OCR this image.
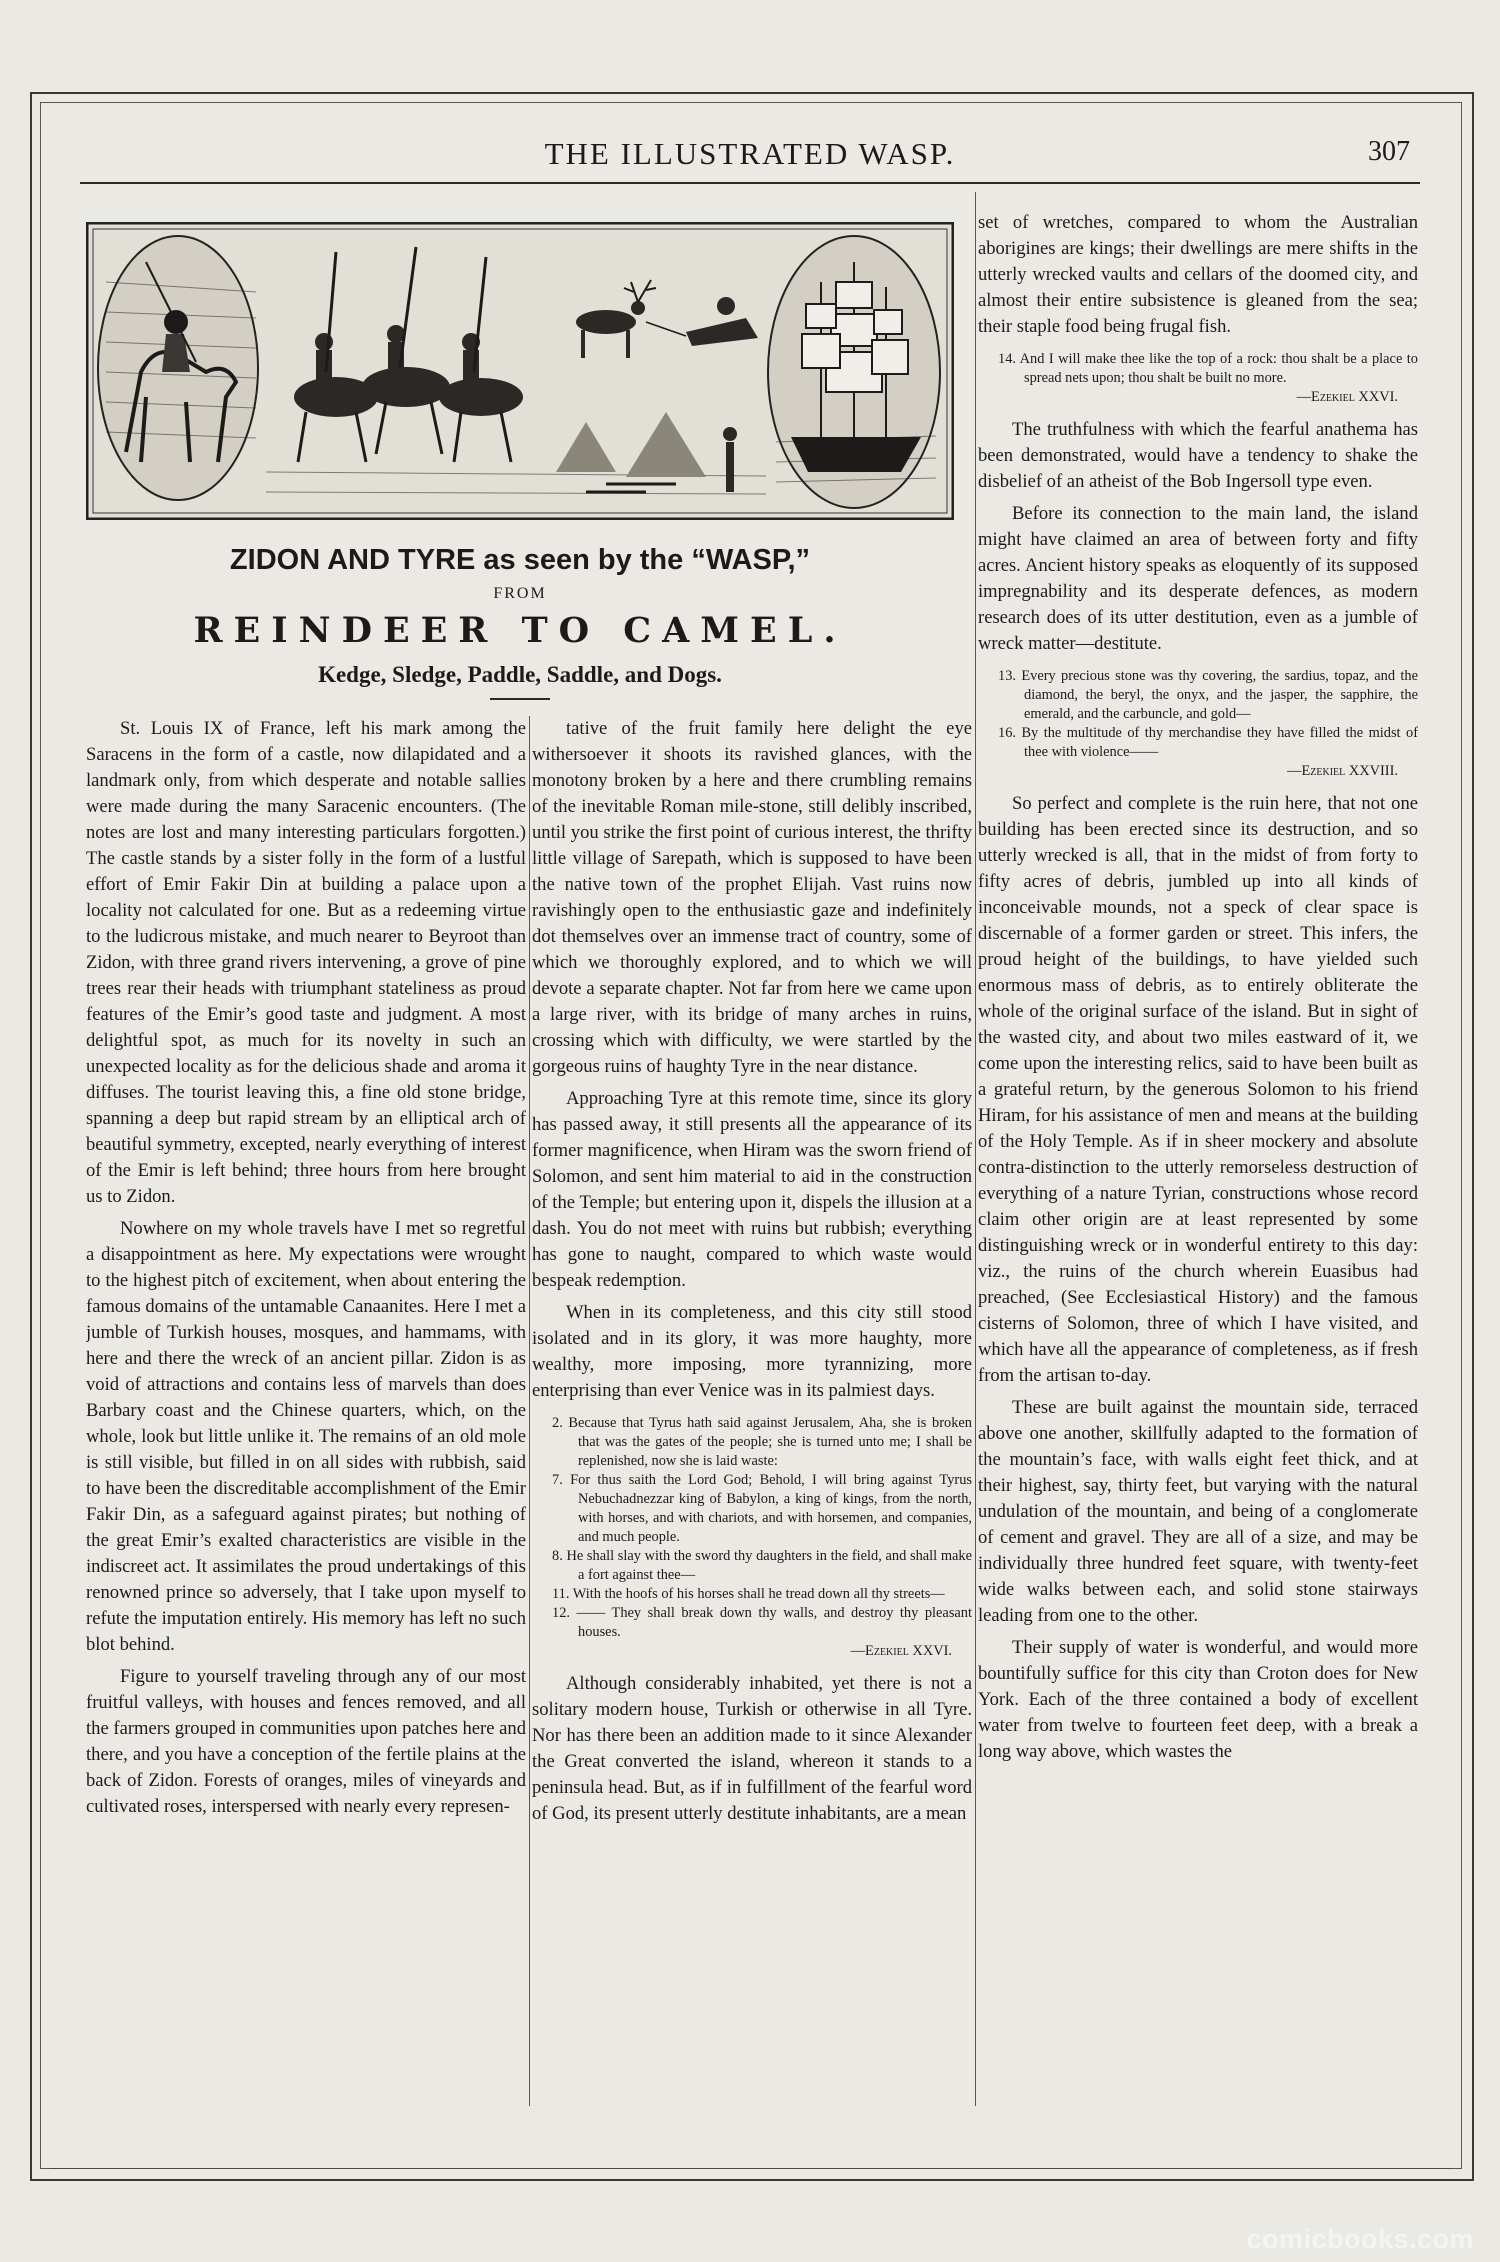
THE ILLUSTRATED WASP.	307
ZIDON AND TYRE as seen by the “WASP,”
FROM
REINDEER TO CAMEL.
Kedge, Sledge, Paddle, Saddle, and Dogs.

St. Louis IX of France, left his mark among the Saracens in the form of a castle, now dilapidated and a landmark only, from which desperate and notable sallies were made during the many Saracenic encounters. (The notes are lost and many interesting particulars forgotten.) The castle stands by a sister folly in the form of a lustful effort of Emir Fakir Din at building a palace upon a locality not calculated for one. But as a redeeming virtue to the ludicrous mistake, and much nearer to Beyroot than Zidon, with three grand rivers intervening, a grove of pine trees rear their heads with triumphant stateliness as proud features of the Emir’s good taste and judgment. A most delightful spot, as much for its novelty in such an unexpected locality as for the delicious shade and aroma it diffuses. The tourist leaving this, a fine old stone bridge, spanning a deep but rapid stream by an elliptical arch of beautiful symmetry, excepted, nearly everything of interest of the Emir is left behind; three hours from here brought us to Zidon.

Nowhere on my whole travels have I met so regretful a disappointment as here. My expectations were wrought to the highest pitch of excitement, when about entering the famous domains of the untamable Canaanites. Here I met a jumble of Turkish houses, mosques, and hammams, with here and there the wreck of an ancient pillar. Zidon is as void of attractions and contains less of marvels than does Barbary coast and the Chinese quarters, which, on the whole, look but little unlike it. The remains of an old mole is still visible, but filled in on all sides with rubbish, said to have been the discreditable accomplishment of the Emir Fakir Din, as a safeguard against pirates; but nothing of the great Emir’s exalted characteristics are visible in the indiscreet act. It assimilates the proud undertakings of this renowned prince so adversely, that I take upon myself to refute the imputation entirely. His memory has left no such blot behind.

Figure to yourself traveling through any of our most fruitful valleys, with houses and fences removed, and all the farmers grouped in communities upon patches here and there, and you have a conception of the fertile plains at the back of Zidon. Forests of oranges, miles of vineyards and cultivated roses, interspersed with nearly every represen-

tative of the fruit family here delight the eye withersoever it shoots its ravished glances, with the monotony broken by a here and there crumbling remains of the inevitable Roman mile-stone, still delibly inscribed, until you strike the first point of curious interest, the thrifty little village of Sarepath, which is supposed to have been the native town of the prophet Elijah. Vast ruins now ravishingly open to the enthusiastic gaze and indefinitely dot themselves over an immense tract of country, some of which we thoroughly explored, and to which we will devote a separate chapter. Not far from here we came upon a large river, with its bridge of many arches in ruins, crossing which with difficulty, we were startled by the gorgeous ruins of haughty Tyre in the near distance.

Approaching Tyre at this remote time, since its glory has passed away, it still presents all the appearance of its former magnificence, when Hiram was the sworn friend of Solomon, and sent him material to aid in the construction of the Temple; but entering upon it, dispels the illusion at a dash. You do not meet with ruins but rubbish; everything has gone to naught, compared to which waste would bespeak redemption.

When in its completeness, and this city still stood isolated and in its glory, it was more haughty, more wealthy, more imposing, more tyrannizing, more enterprising than ever Venice was in its palmiest days.

2. Because that Tyrus hath said against Jerusalem, Aha, she is broken that was the gates of the people; she is turned unto me; I shall be replenished, now she is laid waste:
7. For thus saith the Lord God; Behold, I will bring against Tyrus Nebuchadnezzar king of Babylon, a king of kings, from the north, with horses, and with chariots, and with horsemen, and companies, and much people.
8. He shall slay with the sword thy daughters in the field, and shall make a fort against thee—
11. With the hoofs of his horses shall he tread down all thy streets—
12. —— They shall break down thy walls, and destroy thy pleasant houses.
—Ezekiel XXVI.

Although considerably inhabited, yet there is not a solitary modern house, Turkish or otherwise in all Tyre. Nor has there been an addition made to it since Alexander the Great converted the island, whereon it stands to a peninsula head. But, as if in fulfillment of the fearful word of God, its present utterly destitute inhabitants, are a mean

set of wretches, compared to whom the Australian aborigines are kings; their dwellings are mere shifts in the utterly wrecked vaults and cellars of the doomed city, and almost their entire subsistence is gleaned from the sea; their staple food being frugal fish.

14. And I will make thee like the top of a rock: thou shalt be a place to spread nets upon; thou shalt be built no more.
—Ezekiel XXVI.

The truthfulness with which the fearful anathema has been demonstrated, would have a tendency to shake the disbelief of an atheist of the Bob Ingersoll type even.

Before its connection to the main land, the island might have claimed an area of between forty and fifty acres. Ancient history speaks as eloquently of its supposed impregnability and its desperate defences, as modern research does of its utter destitution, even as a jumble of wreck matter—destitute.

13. Every precious stone was thy covering, the sardius, topaz, and the diamond, the beryl, the onyx, and the jasper, the sapphire, the emerald, and the carbuncle, and gold—
16. By the multitude of thy merchandise they have filled the midst of thee with violence——
—Ezekiel XXVIII.

So perfect and complete is the ruin here, that not one building has been erected since its destruction, and so utterly wrecked is all, that in the midst of from forty to fifty acres of debris, jumbled up into all kinds of inconceivable mounds, not a speck of clear space is discernable of a former garden or street. This infers, the proud height of the buildings, to have yielded such enormous mass of debris, as to entirely obliterate the whole of the original surface of the island. But in sight of the wasted city, and about two miles eastward of it, we come upon the interesting relics, said to have been built as a grateful return, by the generous Solomon to his friend Hiram, for his assistance of men and means at the building of the Holy Temple. As if in sheer mockery and absolute contra-distinction to the utterly remorseless destruction of everything of a nature Tyrian, constructions whose record claim other origin are at least represented by some distinguishing wreck or in wonderful entirety to this day: viz., the ruins of the church wherein Euasibus had preached, (See Ecclesiastical History) and the famous cisterns of Solomon, three of which I have visited, and which have all the appearance of completeness, as if fresh from the artisan to-day.

These are built against the mountain side, terraced above one another, skillfully adapted to the formation of the mountain’s face, with walls eight feet thick, and at their highest, say, thirty feet, but varying with the natural undulation of the mountain, and being of a conglomerate of cement and gravel. They are all of a size, and may be individually three hundred feet square, with twenty-feet wide walks between each, and solid stone stairways leading from one to the other.

Their supply of water is wonderful, and would more bountifully suffice for this city than Croton does for New York. Each of the three contained a body of excellent water from twelve to fourteen feet deep, with a break a long way above, which wastes the

comicbooks.com
